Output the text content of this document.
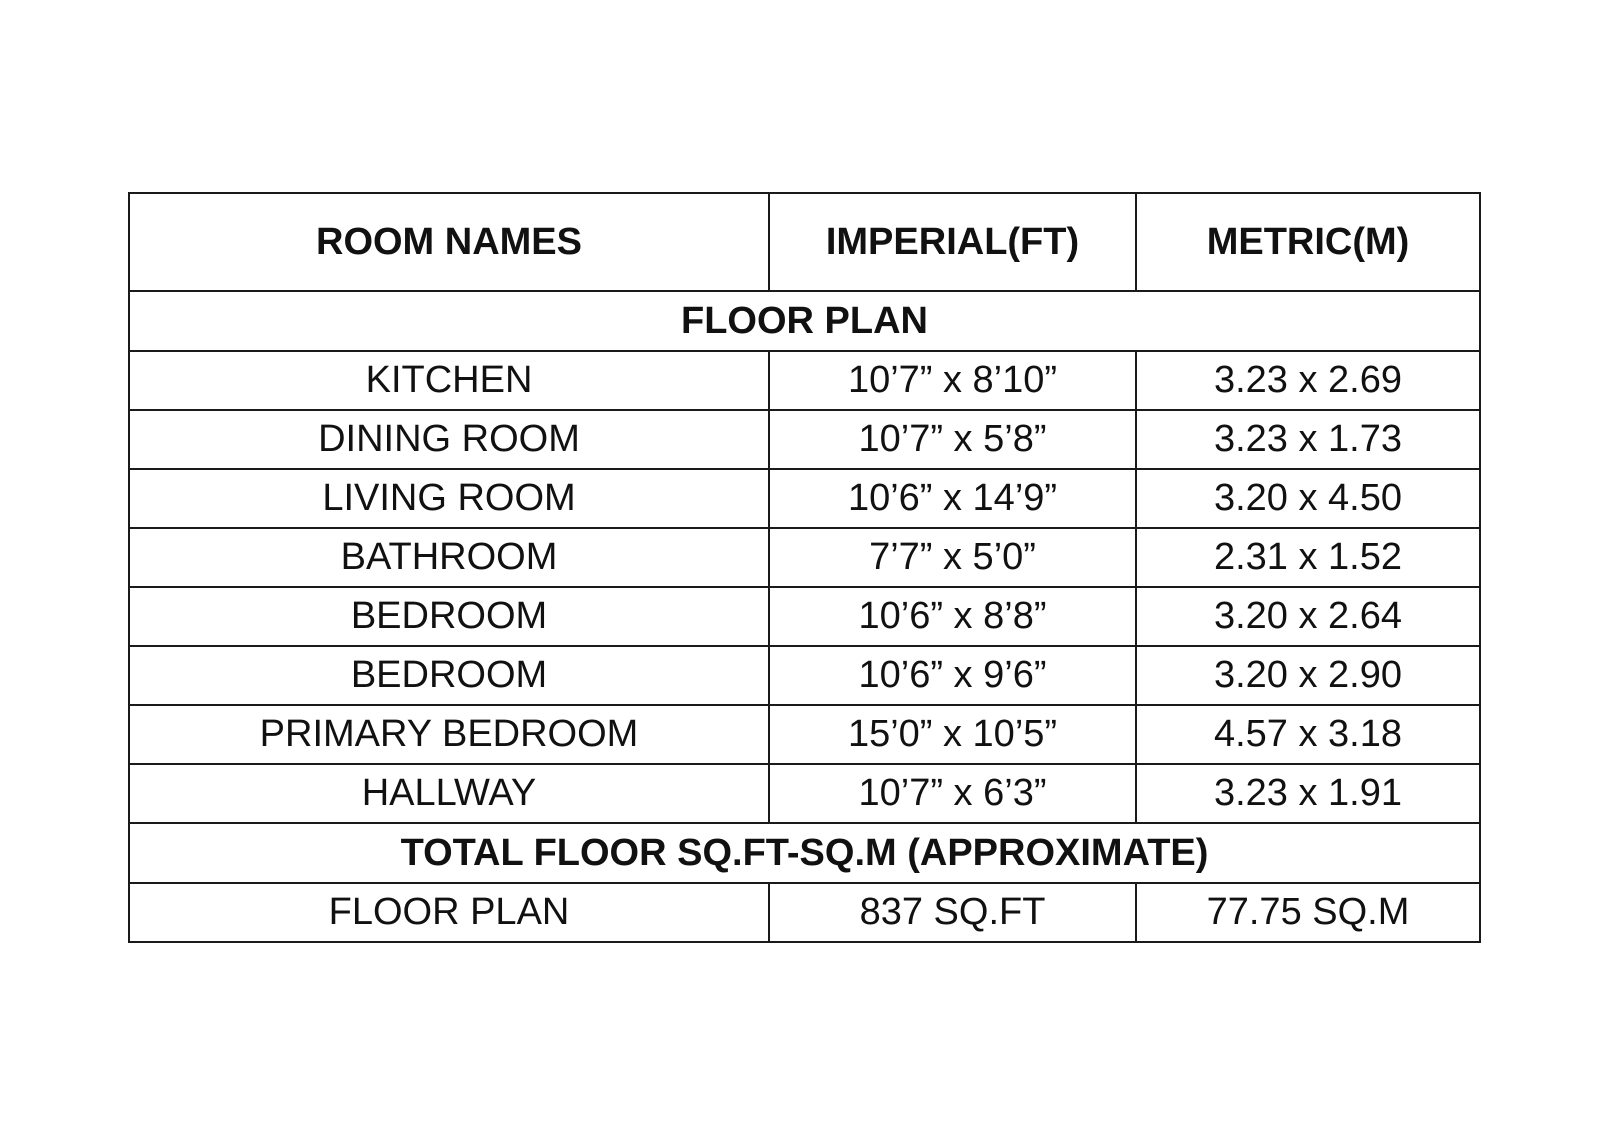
ROOM NAMES	IMPERIAL(FT)	METRIC(M)
FLOOR PLAN		
KITCHEN	10’7” x 8’10”	3.23 x 2.69
DINING ROOM	10’7” x 5’8”	3.23 x 1.73
LIVING ROOM	10’6” x 14’9”	3.20 x 4.50
BATHROOM	7’7” x 5’0”	2.31 x 1.52
BEDROOM	10’6” x 8’8”	3.20 x 2.64
BEDROOM	10’6” x 9’6”	3.20 x 2.90
PRIMARY BEDROOM	15’0” x 10’5”	4.57 x 3.18
HALLWAY	10’7” x 6’3”	3.23 x 1.91
TOTAL FLOOR SQ.FT-SQ.M (APPROXIMATE)		
FLOOR PLAN	837 SQ.FT	77.75 SQ.M
